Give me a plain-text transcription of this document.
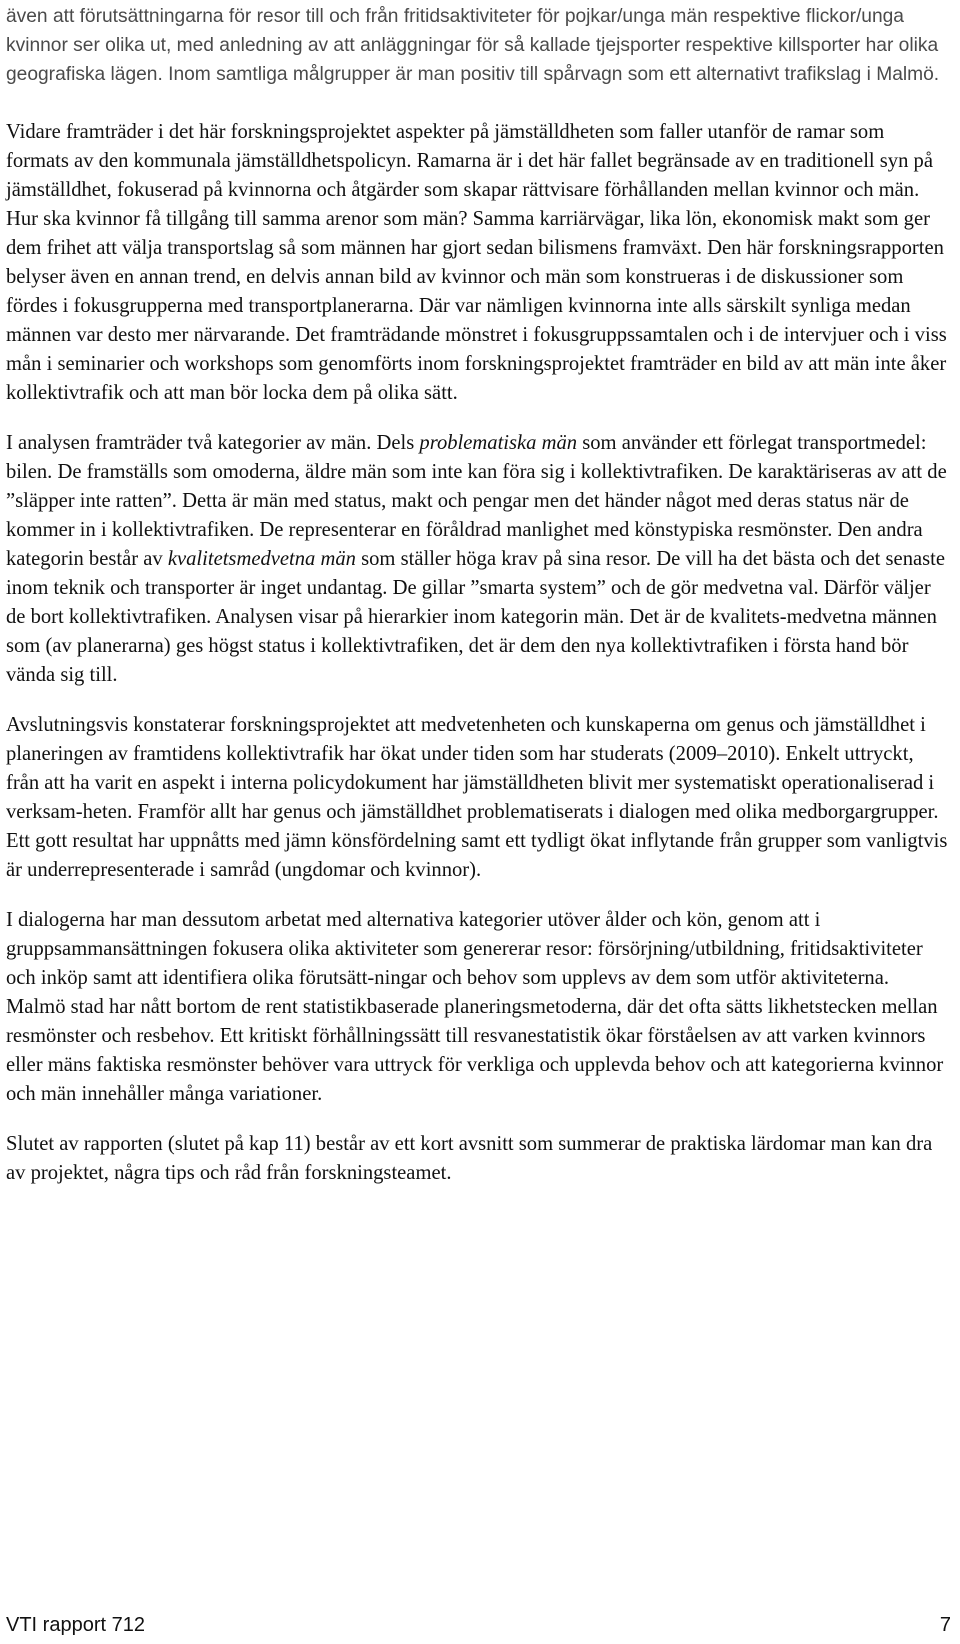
även att förutsättningarna för resor till och från fritidsaktiviteter för pojkar/unga män respektive flickor/unga kvinnor ser olika ut, med anledning av att anläggningar för så kallade tjejsporter respektive killsporter har olika geografiska lägen. Inom samtliga målgrupper är man positiv till spårvagn som ett alternativt trafikslag i Malmö.

Vidare framträder i det här forskningsprojektet aspekter på jämställdheten som faller utanför de ramar som formats av den kommunala jämställdhetspolicyn. Ramarna är i det här fallet begränsade av en traditionell syn på jämställdhet, fokuserad på kvinnorna och åtgärder som skapar rättvisare förhållanden mellan kvinnor och män. Hur ska kvinnor få tillgång till samma arenor som män? Samma karriärvägar, lika lön, ekonomisk makt som ger dem frihet att välja transportslag så som männen har gjort sedan bilismens framväxt. Den här forskningsrapporten belyser även en annan trend, en delvis annan bild av kvinnor och män som konstrueras i de diskussioner som fördes i fokusgrupperna med transportplanerarna. Där var nämligen kvinnorna inte alls särskilt synliga medan männen var desto mer närvarande. Det framträdande mönstret i fokusgruppssamtalen och i de intervjuer och i viss mån i seminarier och workshops som genomförts inom forskningsprojektet framträder en bild av att män inte åker kollektivtrafik och att man bör locka dem på olika sätt.

I analysen framträder två kategorier av män. Dels problematiska män som använder ett förlegat transportmedel: bilen. De framställs som omoderna, äldre män som inte kan föra sig i kollektivtrafiken. De karaktäriseras av att de ”släpper inte ratten”. Detta är män med status, makt och pengar men det händer något med deras status när de kommer in i kollektivtrafiken. De representerar en föråldrad manlighet med könstypiska resmönster. Den andra kategorin består av kvalitetsmedvetna män som ställer höga krav på sina resor. De vill ha det bästa och det senaste inom teknik och transporter är inget undantag. De gillar ”smarta system” och de gör medvetna val. Därför väljer de bort kollektivtrafiken. Analysen visar på hierarkier inom kategorin män. Det är de kvalitets-medvetna männen som (av planerarna) ges högst status i kollektivtrafiken, det är dem den nya kollektivtrafiken i första hand bör vända sig till.

Avslutningsvis konstaterar forskningsprojektet att medvetenheten och kunskaperna om genus och jämställdhet i planeringen av framtidens kollektivtrafik har ökat under tiden som har studerats (2009–2010). Enkelt uttryckt, från att ha varit en aspekt i interna policydokument har jämställdheten blivit mer systematiskt operationaliserad i verksam-heten. Framför allt har genus och jämställdhet problematiserats i dialogen med olika medborgargrupper. Ett gott resultat har uppnåtts med jämn könsfördelning samt ett tydligt ökat inflytande från grupper som vanligtvis är underrepresenterade i samråd (ungdomar och kvinnor).

I dialogerna har man dessutom arbetat med alternativa kategorier utöver ålder och kön, genom att i gruppsammansättningen fokusera olika aktiviteter som genererar resor: försörjning/utbildning, fritidsaktiviteter och inköp samt att identifiera olika förutsätt-ningar och behov som upplevs av dem som utför aktiviteterna. Malmö stad har nått bortom de rent statistikbaserade planeringsmetoderna, där det ofta sätts likhetstecken mellan resmönster och resbehov. Ett kritiskt förhållningssätt till resvanestatistik ökar förståelsen av att varken kvinnors eller mäns faktiska resmönster behöver vara uttryck för verkliga och upplevda behov och att kategorierna kvinnor och män innehåller många variationer.

Slutet av rapporten (slutet på kap 11) består av ett kort avsnitt som summerar de praktiska lärdomar man kan dra av projektet, några tips och råd från forskningsteamet.

VTI rapport 712	7
